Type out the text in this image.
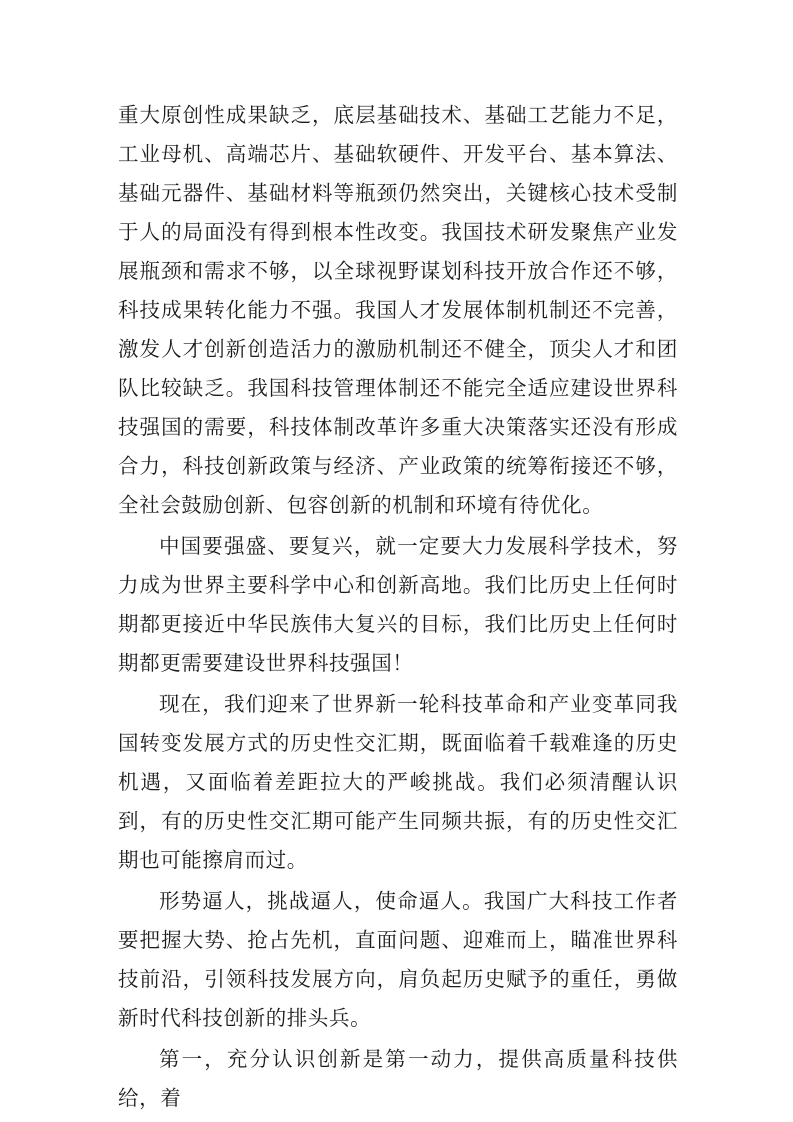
重大原创性成果缺乏，底层基础技术、基础工艺能力不足，工业母机、高端芯片、基础软硬件、开发平台、基本算法、基础元器件、基础材料等瓶颈仍然突出，关键核心技术受制于人的局面没有得到根本性改变。我国技术研发聚焦产业发展瓶颈和需求不够，以全球视野谋划科技开放合作还不够，科技成果转化能力不强。我国人才发展体制机制还不完善，激发人才创新创造活力的激励机制还不健全，顶尖人才和团队比较缺乏。我国科技管理体制还不能完全适应建设世界科技强国的需要，科技体制改革许多重大决策落实还没有形成合力，科技创新政策与经济、产业政策的统筹衔接还不够，全社会鼓励创新、包容创新的机制和环境有待优化。

中国要强盛、要复兴，就一定要大力发展科学技术，努力成为世界主要科学中心和创新高地。我们比历史上任何时期都更接近中华民族伟大复兴的目标，我们比历史上任何时期都更需要建设世界科技强国！

现在，我们迎来了世界新一轮科技革命和产业变革同我国转变发展方式的历史性交汇期，既面临着千载难逢的历史机遇，又面临着差距拉大的严峻挑战。我们必须清醒认识到，有的历史性交汇期可能产生同频共振，有的历史性交汇期也可能擦肩而过。

形势逼人，挑战逼人，使命逼人。我国广大科技工作者要把握大势、抢占先机，直面问题、迎难而上，瞄准世界科技前沿，引领科技发展方向，肩负起历史赋予的重任，勇做新时代科技创新的排头兵。

第一，充分认识创新是第一动力，提供高质量科技供给，着
